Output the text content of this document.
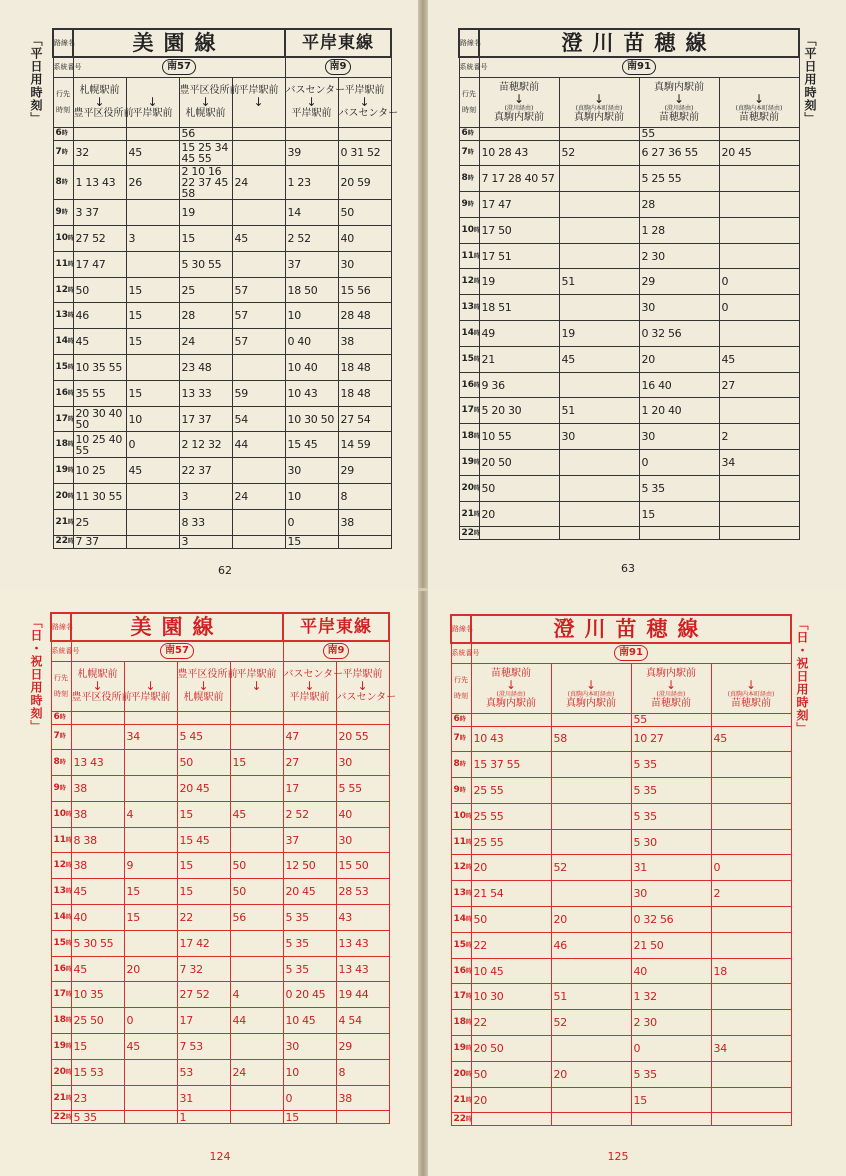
路線名	美園線				平岸東線	
系統番号	南57				南9	

行先
時刻	札幌駅前
↓
豊平区役所前	↓
平岸駅前	豊平区役所前
↓
札幌駅前	平岸駅前
↓	バスセンター
↓
平岸駅前	平岸駅前
↓
バスセンター

6時			56			
7時	32	45	15 25 34 45 55		39	0 31 52
8時	1 13 43	26	2 10 16 22 37 45 58	24	1 23	20 59
9時	3 37		19		14	50
10時	27 52	3	15	45	2 52	40
11時	17 47		5 30 55		37	30
12時	50	15	25	57	18 50	15 56
13時	46	15	28	57	10	28 48
14時	45	15	24	57	0 40	38
15時	10 35 55		23 48		10 40	18 48
16時	35 55	15	13 33	59	10 43	18 48
17時	20 30 40 50	10	17 37	54	10 30 50	27 54
18時	10 25 40 55	0	2 12 32	44	15 45	14 59
19時	10 25	45	22 37		30	29
20時	11 30 55		3	24	10	8
21時	25		8 33		0	38
22時	7 37		3		15	
「平日用時刻」
62
路線名	澄川苗穂線			
系統番号	南91			

行先
時刻	苗穂駅前
↓
(澄川経由)
真駒内駅前	↓
(真駒内本町経由)
真駒内駅前	真駒内駅前
↓
(澄川経由)
苗穂駅前	↓
(真駒内本町経由)
苗穂駅前

6時			55	
7時	10 28 43	52	6 27 36 55	20 45
8時	7 17 28 40 57		5 25 55	
9時	17 47		28	
10時	17 50		1 28	
11時	17 51		2 30	
12時	19	51	29	0
13時	18 51		30	0
14時	49	19	0 32 56	
15時	21	45	20	45
16時	9 36		16 40	27
17時	5 20 30	51	1 20 40	
18時	10 55	30	30	2
19時	20 50		0	34
20時	50		5 35	
21時	20		15	
22時				
「平日用時刻」
63
路線名	美園線				平岸東線	
系統番号	南57				南9	

行先
時刻	札幌駅前
↓
豊平区役所前	↓
平岸駅前	豊平区役所前
↓
札幌駅前	平岸駅前
↓	バスセンター
↓
平岸駅前	平岸駅前
↓
バスセンター

6時						
7時		34	5 45		47	20 55
8時	13 43		50	15	27	30
9時	38		20 45		17	5 55
10時	38	4	15	45	2 52	40
11時	8 38		15 45		37	30
12時	38	9	15	50	12 50	15 50
13時	45	15	15	50	20 45	28 53
14時	40	15	22	56	5 35	43
15時	5 30 55		17 42		5 35	13 43
16時	45	20	7 32		5 35	13 43
17時	10 35		27 52	4	0 20 45	19 44
18時	25 50	0	17	44	10 45	4 54
19時	15	45	7 53		30	29
20時	15 53		53	24	10	8
21時	23		31		0	38
22時	5 35		1		15	
「日・祝日用時刻」
124
路線名	澄川苗穂線			
系統番号	南91			

行先
時刻	苗穂駅前
↓
(澄川経由)
真駒内駅前	↓
(真駒内本町経由)
真駒内駅前	真駒内駅前
↓
(澄川経由)
苗穂駅前	↓
(真駒内本町経由)
苗穂駅前

6時			55	
7時	10 43	58	10 27	45
8時	15 37 55		5 35	
9時	25 55		5 35	
10時	25 55		5 35	
11時	25 55		5 30	
12時	20	52	31	0
13時	21 54		30	2
14時	50	20	0 32 56	
15時	22	46	21 50	
16時	10 45		40	18
17時	10 30	51	1 32	
18時	22	52	2 30	
19時	20 50		0	34
20時	50	20	5 35	
21時	20		15	
22時				
「日・祝日用時刻」
125
